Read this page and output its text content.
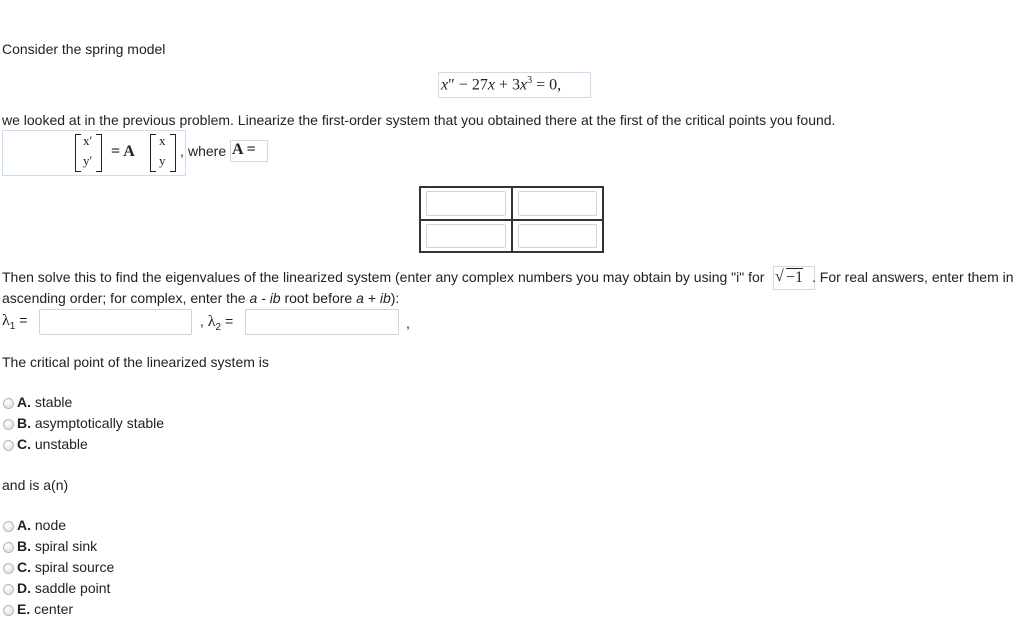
Consider the spring model
$x'' - 27x + 3x^3 = 0$,
we looked at in the previous problem. Linearize the first-order system that you obtained there at the first of the critical points you found.
x′
y′
= A
x
y
, where A =
Then solve this to find the eigenvalues of the linearized system (enter any complex numbers you may obtain by using "i" for √ −1 . For real answers, enter them in
ascending order; for complex, enter the a - ib root before a + ib):
$\lambda_1$ =	, $\lambda_2$ =	,
The critical point of the linearized system is
A. stable
B. asymptotically stable
C. unstable
and is a(n)
A. node
B. spiral sink
C. spiral source
D. saddle point
E. center
